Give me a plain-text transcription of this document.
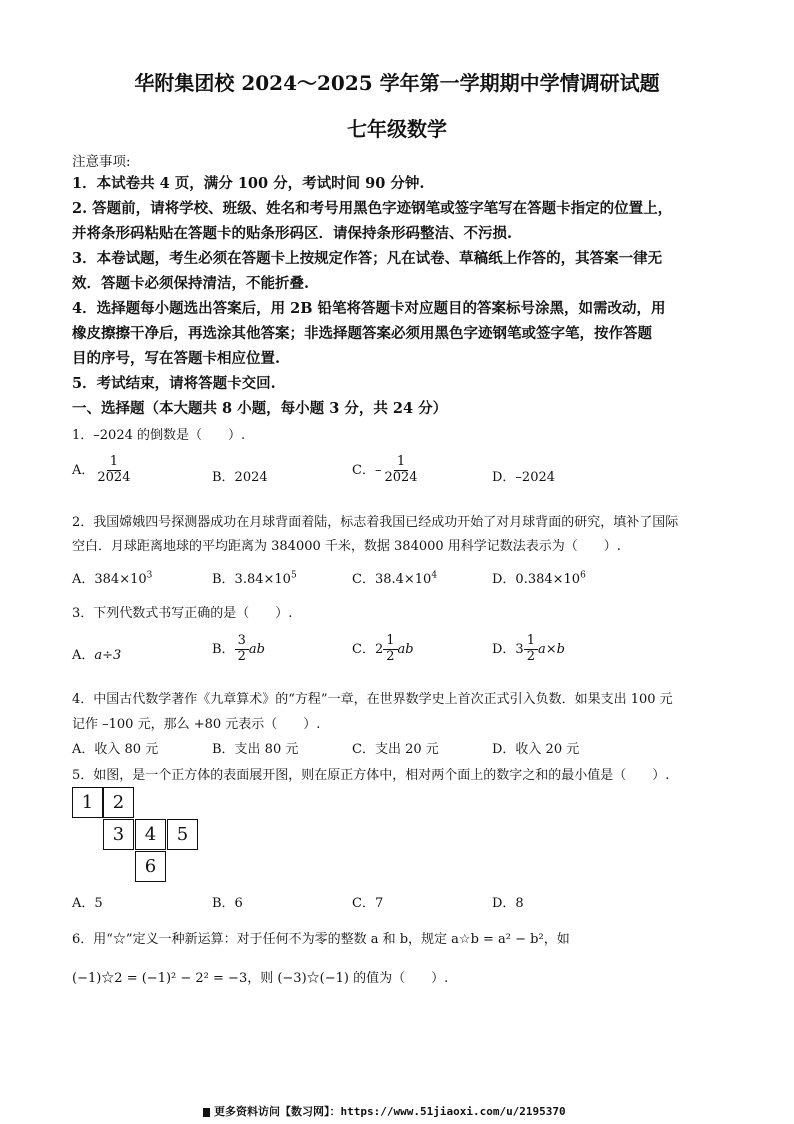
华附集团校 2024～2025 学年第一学期期中学情调研试题
七年级数学
注意事项:
1．本试卷共 4 页，满分 100 分，考试时间 90 分钟.
2. 答题前，请将学校、班级、姓名和考号用黑色字迹钢笔或签字笔写在答题卡指定的位置上，
并将条形码粘贴在答题卡的贴条形码区．请保持条形码整洁、不污损.
3．本卷试题，考生必须在答题卡上按规定作答；凡在试卷、草稿纸上作答的，其答案一律无
效．答题卡必须保持清洁，不能折叠.
4．选择题每小题选出答案后，用 2B 铅笔将答题卡对应题目的答案标号涂黑，如需改动，用
橡皮擦擦干净后，再选涂其他答案；非选择题答案必须用黑色字迹钢笔或签字笔，按作答题
目的序号，写在答题卡相应位置.
5．考试结束，请将答题卡交回.
一、选择题（本大题共 8 小题，每小题 3 分，共 24 分）
1．–2024 的倒数是（　　）.
A． $\frac{1}{2024}$	B．2024	C．– $\frac{1}{2024}$	D．–2024
2．我国嫦娥四号探测器成功在月球背面着陆，标志着我国已经成功开始了对月球背面的研究，填补了国际
空白．月球距离地球的平均距离为 384000 千米，数据 384000 用科学记数法表示为（　　）.
A．$384\times 10^3$	B．$3.84\times 10^5$	C．$38.4\times 10^4$	D．$0.384\times 10^6$
3．下列代数式书写正确的是（　　）.
A．a÷3	B． $\frac{3}{2}$ ab	C．$2 \frac{1}{2}$ ab	D．$3 \frac{1}{2} a\times b$
4．中国古代数学著作《九章算术》的“方程”一章，在世界数学史上首次正式引入负数．如果支出 100 元
记作 –100 元，那么 +80 元表示（　　）.
A．收入 80 元	B．支出 80 元	C．支出 20 元	D．收入 20 元
5．如图，是一个正方体的表面展开图，则在原正方体中，相对两个面上的数字之和的最小值是（　　）.
1	2
3	4	5
6
A．5	B．6	C．7	D．8
6．用“☆”定义一种新运算：对于任何不为零的整数 a 和 b，规定 a☆b = a² − b²，如
(−1)☆2 = (−1)² − 2² = −3，则 (−3)☆(−1) 的值为（　　）.
更多资料访问【数习网】：https://www.51jiaoxi.com/u/2195370
